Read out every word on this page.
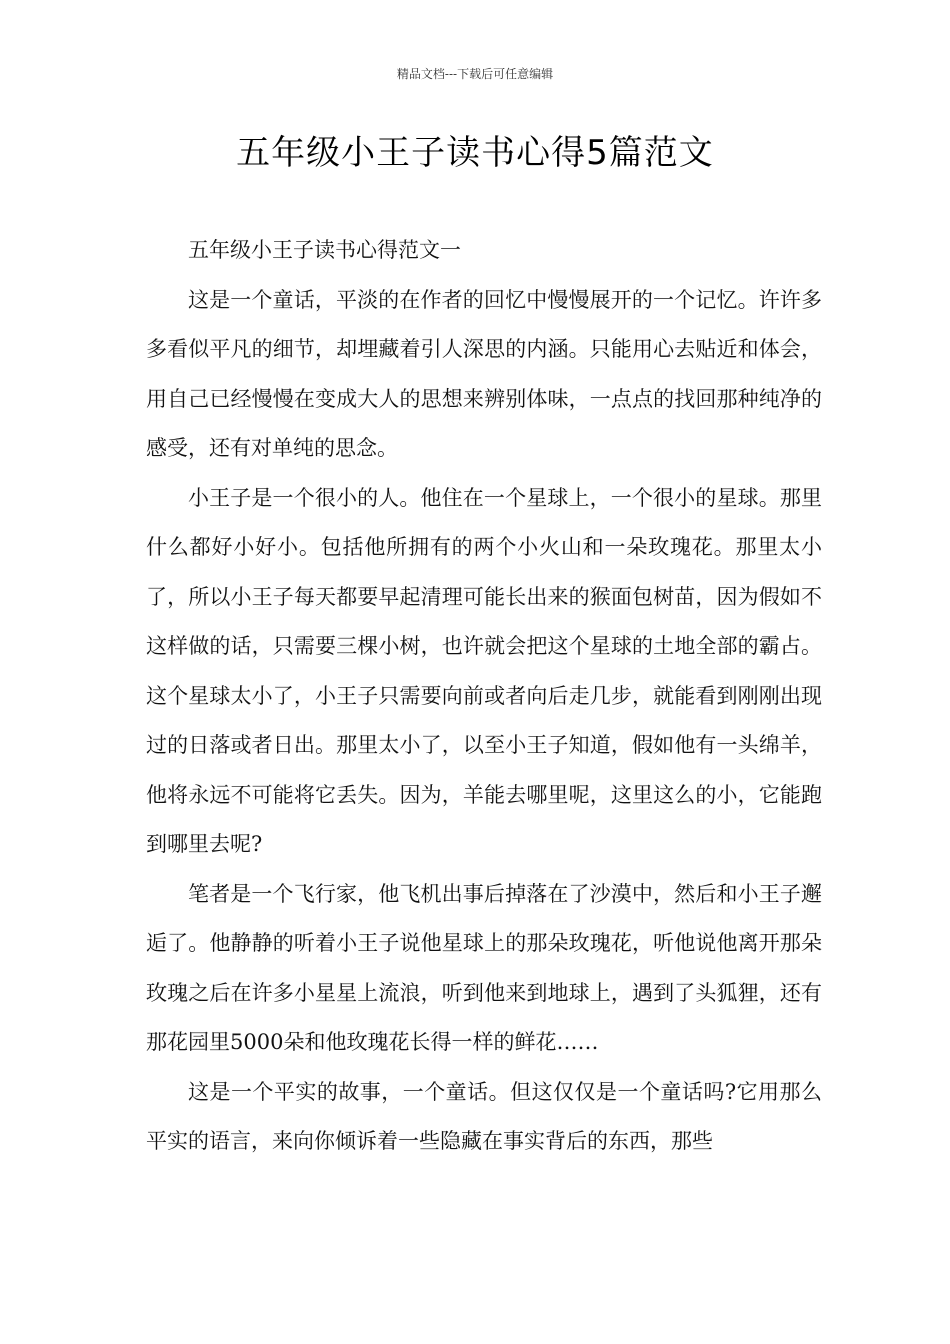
精品文档---下载后可任意编辑
五年级小王子读书心得5篇范文

五年级小王子读书心得范文一

这是一个童话，平淡的在作者的回忆中慢慢展开的一个记忆。许许多多看似平凡的细节，却埋藏着引人深思的内涵。只能用心去贴近和体会，用自己已经慢慢在变成大人的思想来辨别体味，一点点的找回那种纯净的感受，还有对单纯的思念。

小王子是一个很小的人。他住在一个星球上，一个很小的星球。那里什么都好小好小。包括他所拥有的两个小火山和一朵玫瑰花。那里太小了，所以小王子每天都要早起清理可能长出来的猴面包树苗，因为假如不这样做的话，只需要三棵小树，也许就会把这个星球的土地全部的霸占。这个星球太小了，小王子只需要向前或者向后走几步，就能看到刚刚出现过的日落或者日出。那里太小了，以至小王子知道，假如他有一头绵羊，他将永远不可能将它丢失。因为，羊能去哪里呢，这里这么的小，它能跑到哪里去呢?

笔者是一个飞行家，他飞机出事后掉落在了沙漠中，然后和小王子邂逅了。他静静的听着小王子说他星球上的那朵玫瑰花，听他说他离开那朵玫瑰之后在许多小星星上流浪，听到他来到地球上，遇到了头狐狸，还有那花园里5000朵和他玫瑰花长得一样的鲜花……

这是一个平实的故事，一个童话。但这仅仅是一个童话吗?它用那么平实的语言，来向你倾诉着一些隐藏在事实背后的东西，那些
